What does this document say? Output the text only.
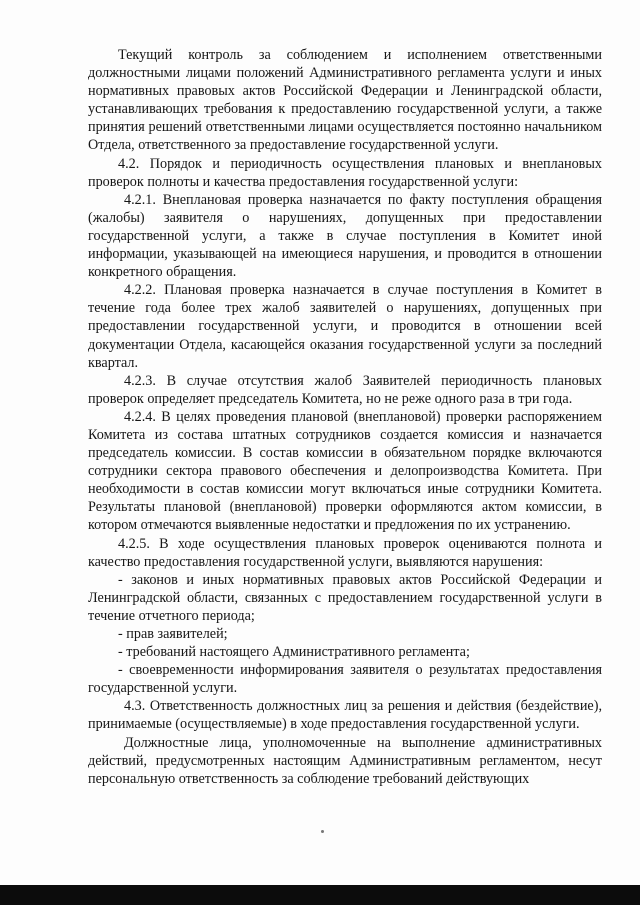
Текущий контроль за соблюдением и исполнением ответственными должностными лицами положений Административного регламента услуги и иных нормативных правовых актов Российской Федерации и Ленинградской области, устанавливающих требования к предоставлению государственной услуги, а также принятия решений ответственными лицами осуществляется постоянно начальником Отдела, ответственного за предоставление государственной услуги.

4.2. Порядок и периодичность осуществления плановых и внеплановых проверок полноты и качества предоставления государственной услуги:

4.2.1. Внеплановая проверка назначается по факту поступления обращения (жалобы) заявителя о нарушениях, допущенных при предоставлении государственной услуги, а также в случае поступления в Комитет иной информации, указывающей на имеющиеся нарушения, и проводится в отношении конкретного обращения.

4.2.2. Плановая проверка назначается в случае поступления в Комитет в течение года более трех жалоб заявителей о нарушениях, допущенных при предоставлении государственной услуги, и проводится в отношении всей документации Отдела, касающейся оказания государственной услуги за последний квартал.

4.2.3. В случае отсутствия жалоб Заявителей периодичность плановых проверок определяет председатель Комитета, но не реже одного раза в три года.

4.2.4. В целях проведения плановой (внеплановой) проверки распоряжением Комитета из состава штатных сотрудников создается комиссия и назначается председатель комиссии. В состав комиссии в обязательном порядке включаются сотрудники сектора правового обеспечения и делопроизводства Комитета. При необходимости в состав комиссии могут включаться иные сотрудники Комитета. Результаты плановой (внеплановой) проверки оформляются актом комиссии, в котором отмечаются выявленные недостатки и предложения по их устранению.

4.2.5. В ходе осуществления плановых проверок оцениваются полнота и качество предоставления государственной услуги, выявляются нарушения:

- законов и иных нормативных правовых актов Российской Федерации и Ленинградской области, связанных с предоставлением государственной услуги в течение отчетного периода;

- прав заявителей;

- требований настоящего Административного регламента;

- своевременности информирования заявителя о результатах предоставления государственной услуги.

4.3. Ответственность должностных лиц за решения и действия (бездействие), принимаемые (осуществляемые) в ходе предоставления государственной услуги.

Должностные лица, уполномоченные на выполнение административных действий, предусмотренных настоящим Административным регламентом, несут персональную ответственность за соблюдение требований действующих
